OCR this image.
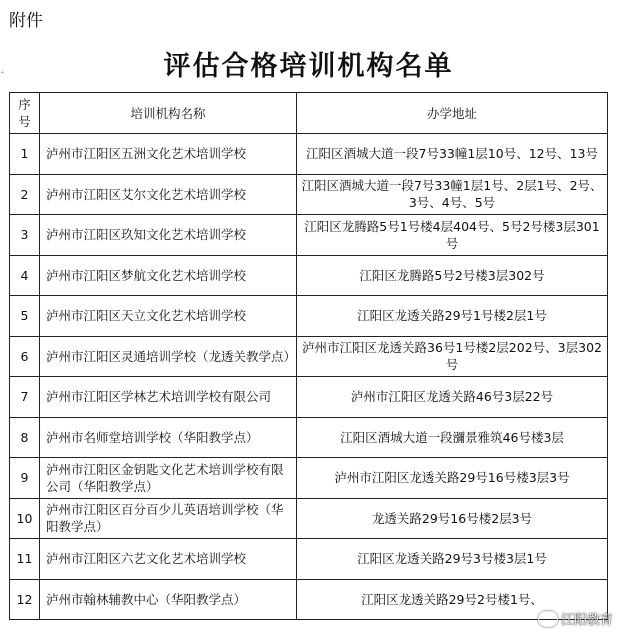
附件
评估合格培训机构名单
⁺
序号	培训机构名称	办学地址
1	泸州市江阳区五洲文化艺术培训学校	江阳区酒城大道一段7号33幢1层10号、12号、13号
2	泸州市江阳区艾尔文化艺术培训学校	江阳区酒城大道一段7号33幢1层1号、2层1号、2号、3号、4号、5号
3	泸州市江阳区玖知文化艺术培训学校	江阳区龙腾路5号1号楼4层404号、5号2号楼3层301号
4	泸州市江阳区梦航文化艺术培训学校	江阳区龙腾路5号2号楼3层302号
5	泸州市江阳区天立文化艺术培训学校	江阳区龙透关路29号1号楼2层1号
6	泸州市江阳区灵通培训学校（龙透关教学点）	泸州市江阳区龙透关路36号1号楼2层202号、3层302号
7	泸州市江阳区学林艺术培训学校有限公司	泸州市江阳区龙透关路46号3层22号
8	泸州市名师堂培训学校（华阳教学点）	江阳区酒城大道一段瀰景雅筑46号楼3层
9	泸州市江阳区金钥匙文化艺术培训学校有限公司（华阳教学点）	泸州市江阳区龙透关路29号16号楼3层3号
10	泸州市江阳区百分百少儿英语培训学校（华阳教学点）	龙透关路29号16号楼2层3号
11	泸州市江阳区六艺文化艺术培训学校	江阳区龙透关路29号3号楼3层1号
12	泸州市翰林辅教中心（华阳教学点）	江阳区龙透关路29号2号楼1号、
江阳教育
